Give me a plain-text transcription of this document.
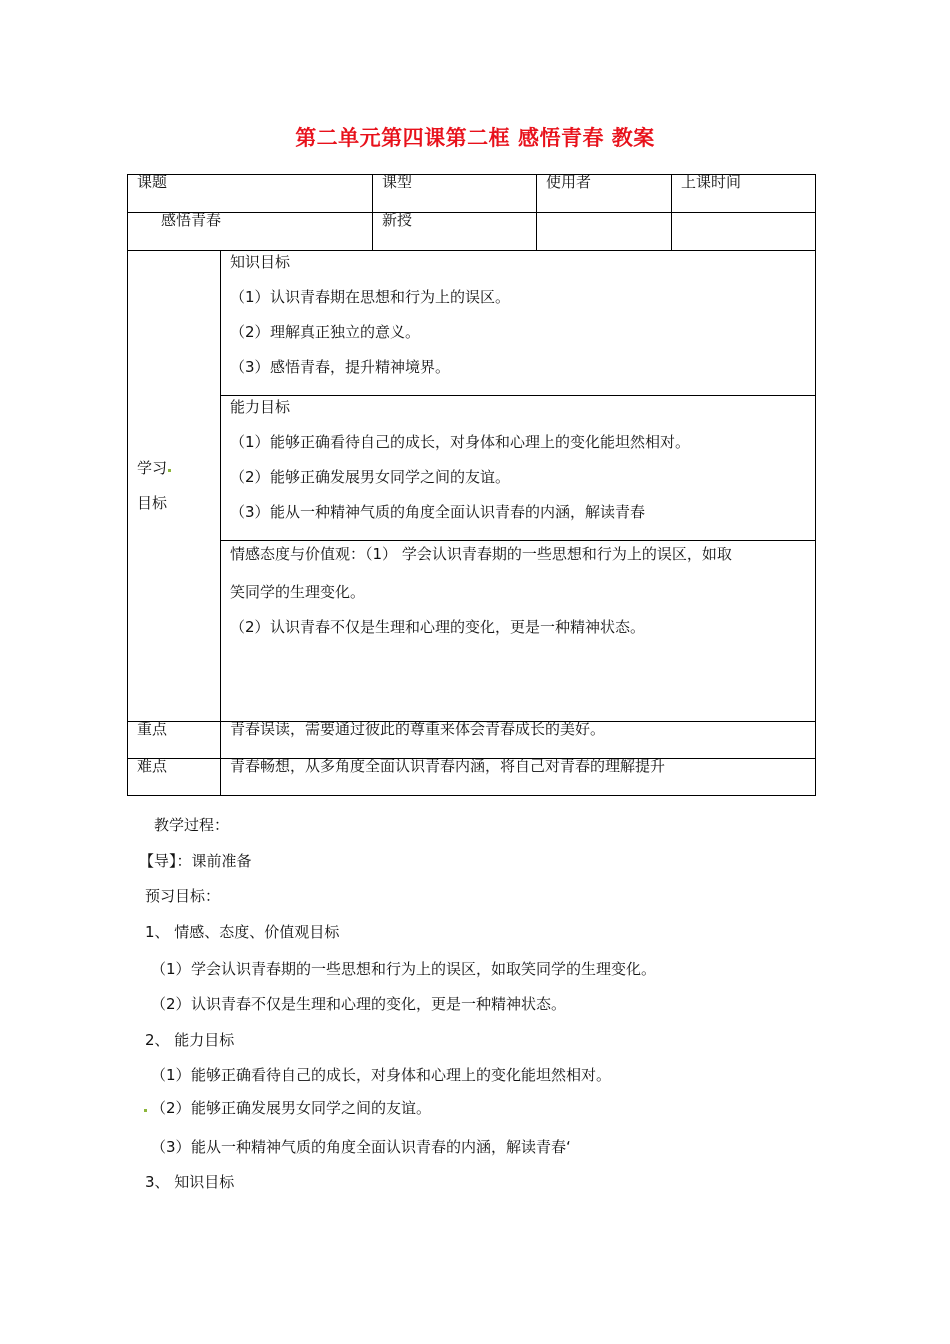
第二单元第四课第二框 感悟青春 教案
课题		课型	使用者	上课时间
感悟青春		新授		

学习
目标	知识目标
（1）认识青春期在思想和行为上的误区。
（2）理解真正独立的意义。
（3）感悟青春，提升精神境界。			

	能力目标
（1）能够正确看待自己的成长，对身体和心理上的变化能坦然相对。
（2）能够正确发展男女同学之间的友谊。
（3）能从一种精神气质的角度全面认识青春的内涵，解读青春			

	情感态度与价值观：（1） 学会认识青春期的一些思想和行为上的误区，如取
笑同学的生理变化。
（2）认识青春不仅是生理和心理的变化，更是一种精神状态。			

重点	青春误读，需要通过彼此的尊重来体会青春成长的美好。			
难点	青春畅想，从多角度全面认识青春内涵，将自己对青春的理解提升			
教学过程：
【导】：课前准备
预习目标：
1、 情感、态度、价值观目标
（1）学会认识青春期的一些思想和行为上的误区，如取笑同学的生理变化。
（2）认识青春不仅是生理和心理的变化，更是一种精神状态。
2、 能力目标
（1）能够正确看待自己的成长，对身体和心理上的变化能坦然相对。
（2）能够正确发展男女同学之间的友谊。
（3）能从一种精神气质的角度全面认识青春的内涵，解读青春‘
3、 知识目标
